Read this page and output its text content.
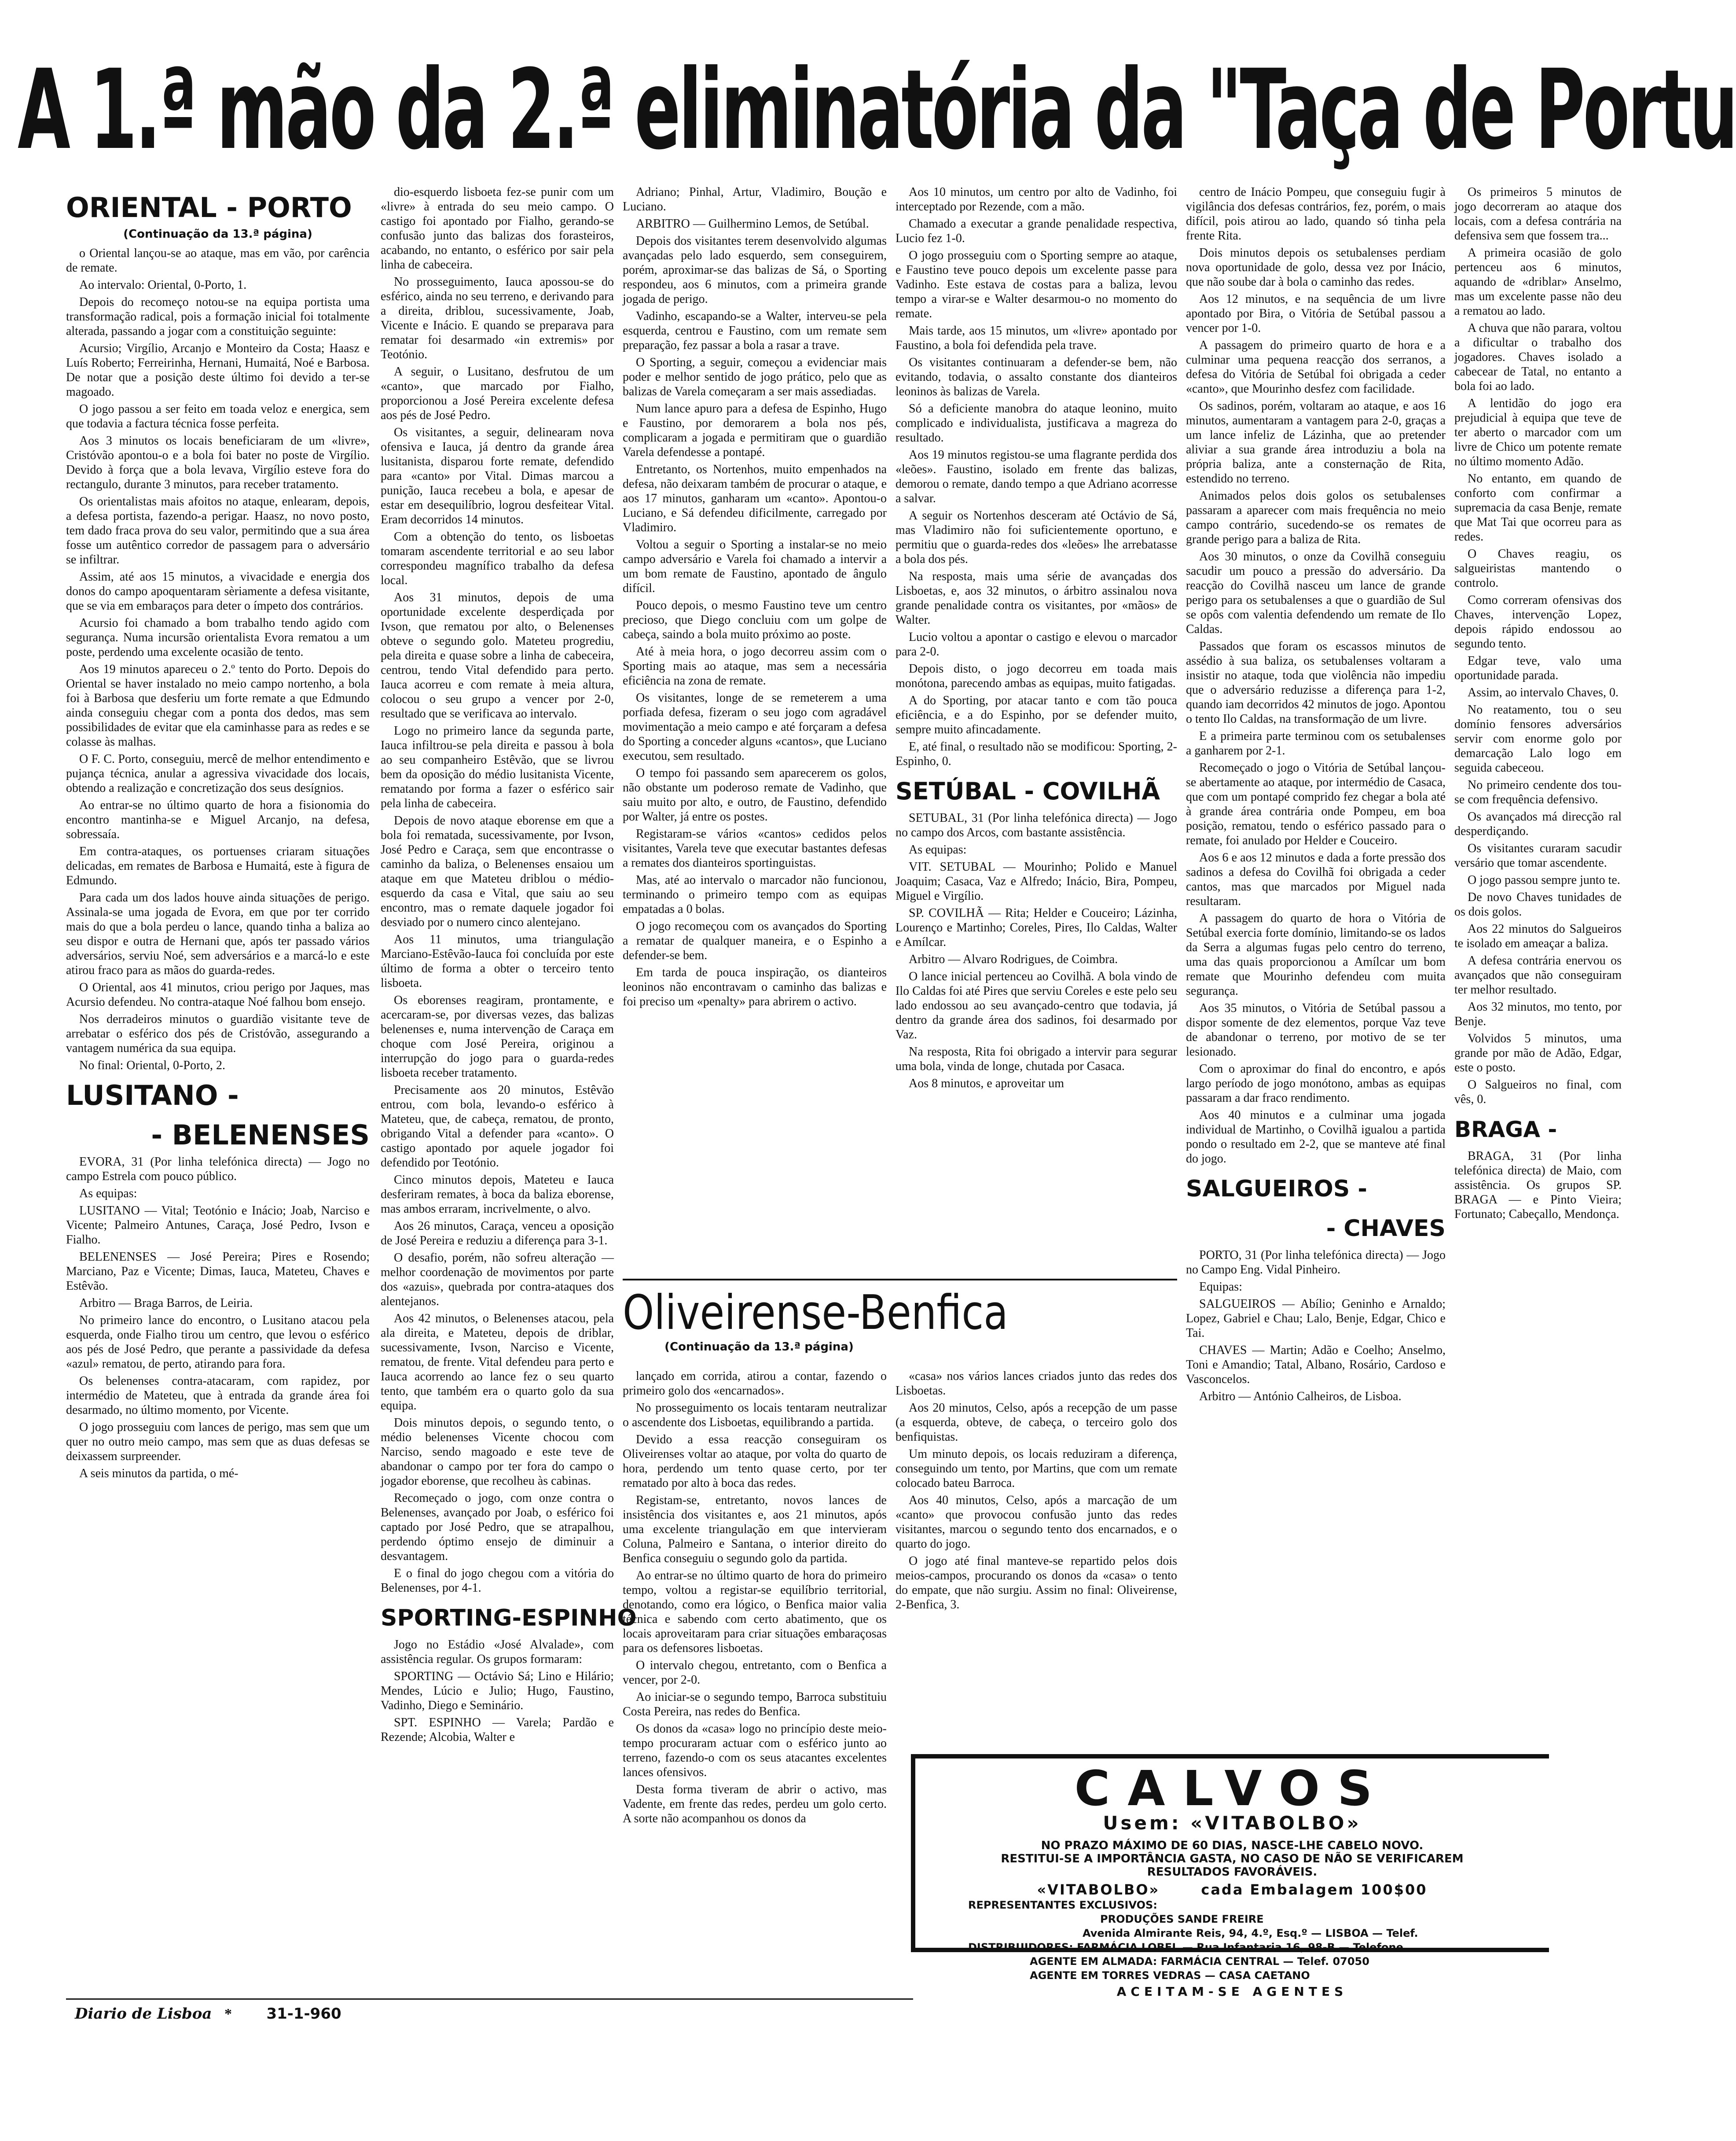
A 1.ª mão da 2.ª eliminatória da "Taça de Portu
ORIENTAL - PORTO
(Continuação da 13.ª página)

o Oriental lançou-se ao ataque, mas em vão, por carência de remate.

Ao intervalo: Oriental, 0-Porto, 1.

Depois do recomeço notou-se na equipa portista uma transformação radical, pois a formação inicial foi totalmente alterada, passando a jogar com a constituição seguinte:

Acursio; Virgílio, Arcanjo e Monteiro da Costa; Haasz e Luís Roberto; Ferreirinha, Hernani, Humaitá, Noé e Barbosa. De notar que a posição deste último foi devido a ter-se magoado.

O jogo passou a ser feito em toada veloz e energica, sem que todavia a factura técnica fosse perfeita.

Aos 3 minutos os locais beneficiaram de um «livre», Cristóvão apontou-o e a bola foi bater no poste de Virgílio. Devido à força que a bola levava, Virgílio esteve fora do rectangulo, durante 3 minutos, para receber tratamento.

Os orientalistas mais afoitos no ataque, enlearam, depois, a defesa portista, fazendo-a perigar. Haasz, no novo posto, tem dado fraca prova do seu valor, permitindo que a sua área fosse um autêntico corredor de passagem para o adversário se infiltrar.

Assim, até aos 15 minutos, a vivacidade e energia dos donos do campo apoquentaram sèriamente a defesa visitante, que se via em embaraços para deter o ímpeto dos contrários.

Acursio foi chamado a bom trabalho tendo agido com segurança. Numa incursão orientalista Evora rematou a um poste, perdendo uma excelente ocasião de tento.

Aos 19 minutos apareceu o 2.º tento do Porto. Depois do Oriental se haver instalado no meio campo nortenho, a bola foi à Barbosa que desferiu um forte remate a que Edmundo ainda conseguiu chegar com a ponta dos dedos, mas sem possibilidades de evitar que ela caminhasse para as redes e se colasse às malhas.

O F. C. Porto, conseguiu, mercê de melhor entendimento e pujança técnica, anular a agressiva vivacidade dos locais, obtendo a realização e concretização dos seus desígnios.

Ao entrar-se no último quarto de hora a fisionomia do encontro mantinha-se e Miguel Arcanjo, na defesa, sobressaía.

Em contra-ataques, os portuenses criaram situações delicadas, em remates de Barbosa e Humaitá, este à figura de Edmundo.

Para cada um dos lados houve ainda situações de perigo. Assinala-se uma jogada de Evora, em que por ter corrido mais do que a bola perdeu o lance, quando tinha a baliza ao seu dispor e outra de Hernani que, após ter passado vários adversários, serviu Noé, sem adversários e a marcá-lo e este atirou fraco para as mãos do guarda-redes.

O Oriental, aos 41 minutos, criou perigo por Jaques, mas Acursio defendeu. No contra-ataque Noé falhou bom ensejo.

Nos derradeiros minutos o guardião visitante teve de arrebatar o esférico dos pés de Cristóvão, assegurando a vantagem numérica da sua equipa.

No final: Oriental, 0-Porto, 2.

LUSITANO -
- BELENENSES

EVORA, 31 (Por linha telefónica directa) — Jogo no campo Estrela com pouco público.

As equipas:

LUSITANO — Vital; Teotónio e Inácio; Joab, Narciso e Vicente; Palmeiro Antunes, Caraça, José Pedro, Ivson e Fialho.

BELENENSES — José Pereira; Pires e Rosendo; Marciano, Paz e Vicente; Dimas, Iauca, Mateteu, Chaves e Estêvão.

Arbitro — Braga Barros, de Leiria.

No primeiro lance do encontro, o Lusitano atacou pela esquerda, onde Fialho tirou um centro, que levou o esférico aos pés de José Pedro, que perante a passividade da defesa «azul» rematou, de perto, atirando para fora.

Os belenenses contra-atacaram, com rapidez, por intermédio de Mateteu, que à entrada da grande área foi desarmado, no último momento, por Vicente.

O jogo prosseguiu com lances de perigo, mas sem que um quer no outro meio campo, mas sem que as duas defesas se deixassem surpreender.

A seis minutos da partida, o mé-

dio-esquerdo lisboeta fez-se punir com um «livre» à entrada do seu meio campo. O castigo foi apontado por Fialho, gerando-se confusão junto das balizas dos forasteiros, acabando, no entanto, o esférico por sair pela linha de cabeceira.

No prosseguimento, Iauca apossou-se do esférico, ainda no seu terreno, e derivando para a direita, driblou, sucessivamente, Joab, Vicente e Inácio. E quando se preparava para rematar foi desarmado «in extremis» por Teotónio.

A seguir, o Lusitano, desfrutou de um «canto», que marcado por Fialho, proporcionou a José Pereira excelente defesa aos pés de José Pedro.

Os visitantes, a seguir, delinearam nova ofensiva e Iauca, já dentro da grande área lusitanista, disparou forte remate, defendido para «canto» por Vital. Dimas marcou a punição, Iauca recebeu a bola, e apesar de estar em desequilíbrio, logrou desfeitear Vital. Eram decorridos 14 minutos.

Com a obtenção do tento, os lisboetas tomaram ascendente territorial e ao seu labor correspondeu magnífico trabalho da defesa local.

Aos 31 minutos, depois de uma oportunidade excelente desperdiçada por Ivson, que rematou por alto, o Belenenses obteve o segundo golo. Mateteu progrediu, pela direita e quase sobre a linha de cabeceira, centrou, tendo Vital defendido para perto. Iauca acorreu e com remate à meia altura, colocou o seu grupo a vencer por 2-0, resultado que se verificava ao intervalo.

Logo no primeiro lance da segunda parte, Iauca infiltrou-se pela direita e passou à bola ao seu companheiro Estêvão, que se livrou bem da oposição do médio lusitanista Vicente, rematando por forma a fazer o esférico sair pela linha de cabeceira.

Depois de novo ataque eborense em que a bola foi rematada, sucessivamente, por Ivson, José Pedro e Caraça, sem que encontrasse o caminho da baliza, o Belenenses ensaiou um ataque em que Mateteu driblou o médio-esquerdo da casa e Vital, que saiu ao seu encontro, mas o remate daquele jogador foi desviado por o numero cinco alentejano.

Aos 11 minutos, uma triangulação Marciano-Estêvão-Iauca foi concluída por este último de forma a obter o terceiro tento lisboeta.

Os eborenses reagiram, prontamente, e acercaram-se, por diversas vezes, das balizas belenenses e, numa intervenção de Caraça em choque com José Pereira, originou a interrupção do jogo para o guarda-redes lisboeta receber tratamento.

Precisamente aos 20 minutos, Estêvão entrou, com bola, levando-o esférico à Mateteu, que, de cabeça, rematou, de pronto, obrigando Vital a defender para «canto». O castigo apontado por aquele jogador foi defendido por Teotónio.

Cinco minutos depois, Mateteu e Iauca desferiram remates, à boca da baliza eborense, mas ambos erraram, incrivelmente, o alvo.

Aos 26 minutos, Caraça, venceu a oposição de José Pereira e reduziu a diferença para 3-1.

O desafio, porém, não sofreu alteração — melhor coordenação de movimentos por parte dos «azuis», quebrada por contra-ataques dos alentejanos.

Aos 42 minutos, o Belenenses atacou, pela ala direita, e Mateteu, depois de driblar, sucessivamente, Ivson, Narciso e Vicente, rematou, de frente. Vital defendeu para perto e Iauca acorrendo ao lance fez o seu quarto tento, que também era o quarto golo da sua equipa.

Dois minutos depois, o segundo tento, o médio belenenses Vicente chocou com Narciso, sendo magoado e este teve de abandonar o campo por ter fora do campo o jogador eborense, que recolheu às cabinas.

Recomeçado o jogo, com onze contra o Belenenses, avançado por Joab, o esférico foi captado por José Pedro, que se atrapalhou, perdendo óptimo ensejo de diminuir a desvantagem.

E o final do jogo chegou com a vitória do Belenenses, por 4-1.

SPORTING-ESPINHO

Jogo no Estádio «José Alvalade», com assistência regular. Os grupos formaram:

SPORTING — Octávio Sá; Lino e Hilário; Mendes, Lúcio e Julio; Hugo, Faustino, Vadinho, Diego e Seminário.

SPT. ESPINHO — Varela; Pardão e Rezende; Alcobia, Walter e

Adriano; Pinhal, Artur, Vladimiro, Boução e Luciano.

ARBITRO — Guilhermino Lemos, de Setúbal.

Depois dos visitantes terem desenvolvido algumas avançadas pelo lado esquerdo, sem conseguirem, porém, aproximar-se das balizas de Sá, o Sporting respondeu, aos 6 minutos, com a primeira grande jogada de perigo.

Vadinho, escapando-se a Walter, interveu-se pela esquerda, centrou e Faustino, com um remate sem preparação, fez passar a bola a rasar a trave.

O Sporting, a seguir, começou a evidenciar mais poder e melhor sentido de jogo prático, pelo que as balizas de Varela começaram a ser mais assediadas.

Num lance apuro para a defesa de Espinho, Hugo e Faustino, por demorarem a bola nos pés, complicaram a jogada e permitiram que o guardião Varela defendesse a pontapé.

Entretanto, os Nortenhos, muito empenhados na defesa, não deixaram também de procurar o ataque, e aos 17 minutos, ganharam um «canto». Apontou-o Luciano, e Sá defendeu dificilmente, carregado por Vladimiro.

Voltou a seguir o Sporting a instalar-se no meio campo adversário e Varela foi chamado a intervir a um bom remate de Faustino, apontado de ângulo difícil.

Pouco depois, o mesmo Faustino teve um centro precioso, que Diego concluiu com um golpe de cabeça, saindo a bola muito próximo ao poste.

Até à meia hora, o jogo decorreu assim com o Sporting mais ao ataque, mas sem a necessária eficiência na zona de remate.

Os visitantes, longe de se remeterem a uma porfiada defesa, fizeram o seu jogo com agradável movimentação a meio campo e até forçaram a defesa do Sporting a conceder alguns «cantos», que Luciano executou, sem resultado.

O tempo foi passando sem aparecerem os golos, não obstante um poderoso remate de Vadinho, que saiu muito por alto, e outro, de Faustino, defendido por Walter, já entre os postes.

Registaram-se vários «cantos» cedidos pelos visitantes, Varela teve que executar bastantes defesas a remates dos dianteiros sportinguistas.

Mas, até ao intervalo o marcador não funcionou, terminando o primeiro tempo com as equipas empatadas a 0 bolas.

O jogo recomeçou com os avançados do Sporting a rematar de qualquer maneira, e o Espinho a defender-se bem.

Em tarda de pouca inspiração, os dianteiros leoninos não encontravam o caminho das balizas e foi preciso um «penalty» para abrirem o activo.

Aos 10 minutos, um centro por alto de Vadinho, foi interceptado por Rezende, com a mão.

Chamado a executar a grande penalidade respectiva, Lucio fez 1-0.

O jogo prosseguiu com o Sporting sempre ao ataque, e Faustino teve pouco depois um excelente passe para Vadinho. Este estava de costas para a baliza, levou tempo a virar-se e Walter desarmou-o no momento do remate.

Mais tarde, aos 15 minutos, um «livre» apontado por Faustino, a bola foi defendida pela trave.

Os visitantes continuaram a defender-se bem, não evitando, todavia, o assalto constante dos dianteiros leoninos às balizas de Varela.

Só a deficiente manobra do ataque leonino, muito complicado e individualista, justificava a magreza do resultado.

Aos 19 minutos registou-se uma flagrante perdida dos «leões». Faustino, isolado em frente das balizas, demorou o remate, dando tempo a que Adriano acorresse a salvar.

A seguir os Nortenhos desceram até Octávio de Sá, mas Vladimiro não foi suficientemente oportuno, e permitiu que o guarda-redes dos «leões» lhe arrebatasse a bola dos pés.

Na resposta, mais uma série de avançadas dos Lisboetas, e, aos 32 minutos, o árbitro assinalou nova grande penalidade contra os visitantes, por «mãos» de Walter.

Lucio voltou a apontar o castigo e elevou o marcador para 2-0.

Depois disto, o jogo decorreu em toada mais monótona, parecendo ambas as equipas, muito fatigadas.

A do Sporting, por atacar tanto e com tão pouca eficiência, e a do Espinho, por se defender muito, sempre muito afincadamente.

E, até final, o resultado não se modificou: Sporting, 2-Espinho, 0.

SETÚBAL - COVILHÃ

SETUBAL, 31 (Por linha telefónica directa) — Jogo no campo dos Arcos, com bastante assistência.

As equipas:

VIT. SETUBAL — Mourinho; Polido e Manuel Joaquim; Casaca, Vaz e Alfredo; Inácio, Bira, Pompeu, Miguel e Virgílio.

SP. COVILHÃ — Rita; Helder e Couceiro; Lázinha, Lourenço e Martinho; Coreles, Pires, Ilo Caldas, Walter e Amílcar.

Arbitro — Alvaro Rodrigues, de Coimbra.

O lance inicial pertenceu ao Covilhã. A bola vindo de Ilo Caldas foi até Pires que serviu Coreles e este pelo seu lado endossou ao seu avançado-centro que todavia, já dentro da grande área dos sadinos, foi desarmado por Vaz.

Na resposta, Rita foi obrigado a intervir para segurar uma bola, vinda de longe, chutada por Casaca.

Aos 8 minutos, e aproveitar um

centro de Inácio Pompeu, que conseguiu fugir à vigilância dos defesas contrários, fez, porém, o mais difícil, pois atirou ao lado, quando só tinha pela frente Rita.

Dois minutos depois os setubalenses perdiam nova oportunidade de golo, dessa vez por Inácio, que não soube dar à bola o caminho das redes.

Aos 12 minutos, e na sequência de um livre apontado por Bira, o Vitória de Setúbal passou a vencer por 1-0.

A passagem do primeiro quarto de hora e a culminar uma pequena reacção dos serranos, a defesa do Vitória de Setúbal foi obrigada a ceder «canto», que Mourinho desfez com facilidade.

Os sadinos, porém, voltaram ao ataque, e aos 16 minutos, aumentaram a vantagem para 2-0, graças a um lance infeliz de Lázinha, que ao pretender aliviar a sua grande área introduziu a bola na própria baliza, ante a consternação de Rita, estendido no terreno.

Animados pelos dois golos os setubalenses passaram a aparecer com mais frequência no meio campo contrário, sucedendo-se os remates de grande perigo para a baliza de Rita.

Aos 30 minutos, o onze da Covilhã conseguiu sacudir um pouco a pressão do adversário. Da reacção do Covilhã nasceu um lance de grande perigo para os setubalenses a que o guardião de Sul se opôs com valentia defendendo um remate de Ilo Caldas.

Passados que foram os escassos minutos de assédio à sua baliza, os setubalenses voltaram a insistir no ataque, toda que violência não impediu que o adversário reduzisse a diferença para 1-2, quando iam decorridos 42 minutos de jogo. Apontou o tento Ilo Caldas, na transformação de um livre.

E a primeira parte terminou com os setubalenses a ganharem por 2-1.

Recomeçado o jogo o Vitória de Setúbal lançou-se abertamente ao ataque, por intermédio de Casaca, que com um pontapé comprido fez chegar a bola até à grande área contrária onde Pompeu, em boa posição, rematou, tendo o esférico passado para o remate, foi anulado por Helder e Couceiro.

Aos 6 e aos 12 minutos e dada a forte pressão dos sadinos a defesa do Covilhã foi obrigada a ceder cantos, mas que marcados por Miguel nada resultaram.

A passagem do quarto de hora o Vitória de Setúbal exercia forte domínio, limitando-se os lados da Serra a algumas fugas pelo centro do terreno, uma das quais proporcionou a Amílcar um bom remate que Mourinho defendeu com muita segurança.

Aos 35 minutos, o Vitória de Setúbal passou a dispor somente de dez elementos, porque Vaz teve de abandonar o terreno, por motivo de se ter lesionado.

Com o aproximar do final do encontro, e após largo período de jogo monótono, ambas as equipas passaram a dar fraco rendimento.

Aos 40 minutos e a culminar uma jogada individual de Martinho, o Covilhã igualou a partida pondo o resultado em 2-2, que se manteve até final do jogo.

SALGUEIROS -
- CHAVES

PORTO, 31 (Por linha telefónica directa) — Jogo no Campo Eng. Vidal Pinheiro.

Equipas:

SALGUEIROS — Abílio; Geninho e Arnaldo; Lopez, Gabriel e Chau; Lalo, Benje, Edgar, Chico e Tai.

CHAVES — Martin; Adão e Coelho; Anselmo, Toni e Amandio; Tatal, Albano, Rosário, Cardoso e Vasconcelos.

Arbitro — António Calheiros, de Lisboa.

Os primeiros 5 minutos de jogo decorreram ao ataque dos locais, com a defesa contrária na defensiva sem que fossem tra...

A primeira ocasião de golo pertenceu aos 6 minutos, aquando de «driblar» Anselmo, mas um excelente passe não deu a rematou ao lado.

A chuva que não parara, voltou a dificultar o trabalho dos jogadores. Chaves isolado a cabecear de Tatal, no entanto a bola foi ao lado.

A lentidão do jogo era prejudicial à equipa que teve de ter aberto o marcador com um livre de Chico um potente remate no último momento Adão.

No entanto, em quando de conforto com confirmar a supremacia da casa Benje, remate que Mat Tai que ocorreu para as redes.

O Chaves reagiu, os salgueiristas mantendo o controlo.

Como correram ofensivas dos Chaves, intervenção Lopez, depois rápido endossou ao segundo tento.

Edgar teve, valo uma oportunidade parada.

Assim, ao intervalo Chaves, 0.

No reatamento, tou o seu domínio fensores adversários servir com enorme golo por demarcação Lalo logo em seguida cabeceou.

No primeiro cendente dos tou-se com frequência defensivo.

Os avançados má direcção ral desperdiçando.

Os visitantes curaram sacudir versário que tomar ascendente.

O jogo passou sempre junto te.

De novo Chaves tunidades de os dois golos.

Aos 22 minutos do Salgueiros te isolado em ameaçar a baliza.

A defesa contrária enervou os avançados que não conseguiram ter melhor resultado.

Aos 32 minutos, mo tento, por Benje.

Volvidos 5 minutos, uma grande por mão de Adão, Edgar, este o posto.

O Salgueiros no final, com vês, 0.

BRAGA -

BRAGA, 31 (Por linha telefónica directa) de Maio, com assistência. Os grupos SP. BRAGA — e Pinto Vieira; Fortunato; Cabeçallo, Mendonça.

Oliveirense-Benfica
(Continuação da 13.ª página)

lançado em corrida, atirou a contar, fazendo o primeiro golo dos «encarnados».

No prosseguimento os locais tentaram neutralizar o ascendente dos Lisboetas, equilibrando a partida.

Devido a essa reacção conseguiram os Oliveirenses voltar ao ataque, por volta do quarto de hora, perdendo um tento quase certo, por ter rematado por alto à boca das redes.

Registam-se, entretanto, novos lances de insistência dos visitantes e, aos 21 minutos, após uma excelente triangulação em que intervieram Coluna, Palmeiro e Santana, o interior direito do Benfica conseguiu o segundo golo da partida.

Ao entrar-se no último quarto de hora do primeiro tempo, voltou a registar-se equilíbrio territorial, denotando, como era lógico, o Benfica maior valia técnica e sabendo com certo abatimento, que os locais aproveitaram para criar situações embaraçosas para os defensores lisboetas.

O intervalo chegou, entretanto, com o Benfica a vencer, por 2-0.

Ao iniciar-se o segundo tempo, Barroca substituiu Costa Pereira, nas redes do Benfica.

Os donos da «casa» logo no princípio deste meio-tempo procuraram actuar com o esférico junto ao terreno, fazendo-o com os seus atacantes excelentes lances ofensivos.

Desta forma tiveram de abrir o activo, mas Vadente, em frente das redes, perdeu um golo certo. A sorte não acompanhou os donos da

«casa» nos vários lances criados junto das redes dos Lisboetas.

Aos 20 minutos, Celso, após a recepção de um passe (a esquerda, obteve, de cabeça, o terceiro golo dos benfiquistas.

Um minuto depois, os locais reduziram a diferença, conseguindo um tento, por Martins, que com um remate colocado bateu Barroca.

Aos 40 minutos, Celso, após a marcação de um «canto» que provocou confusão junto das redes visitantes, marcou o segundo tento dos encarnados, e o quarto do jogo.

O jogo até final manteve-se repartido pelos dois meios-campos, procurando os donos da «casa» o tento do empate, que não surgiu. Assim no final: Oliveirense, 2-Benfica, 3.

CALVOS
Usem: «VITABOLBO»
NO PRAZO MÁXIMO DE 60 DIAS, NASCE-LHE CABELO NOVO.
RESTITUI-SE A IMPORTÂNCIA GASTA, NO CASO DE NÃO SE VERIFICAREM
RESULTADOS FAVORÁVEIS.
«VITABOLBO»	cada Embalagem 100$00
REPRESENTANTES EXCLUSIVOS:
PRODUÇÕES SANDE FREIRE
Avenida Almirante Reis, 94, 4.º, Esq.º — LISBOA — Telef.
DISTRIBUIDORES: FARMÁCIA LOBEL — Rua Infantaria 16, 98-B — Telefone
AGENTE EM ALMADA: FARMÁCIA CENTRAL — Telef. 07050
AGENTE EM TORRES VEDRAS — CASA CAETANO
ACEITAM-SE AGENTES
Diario de Lisboa * 31-1-960
